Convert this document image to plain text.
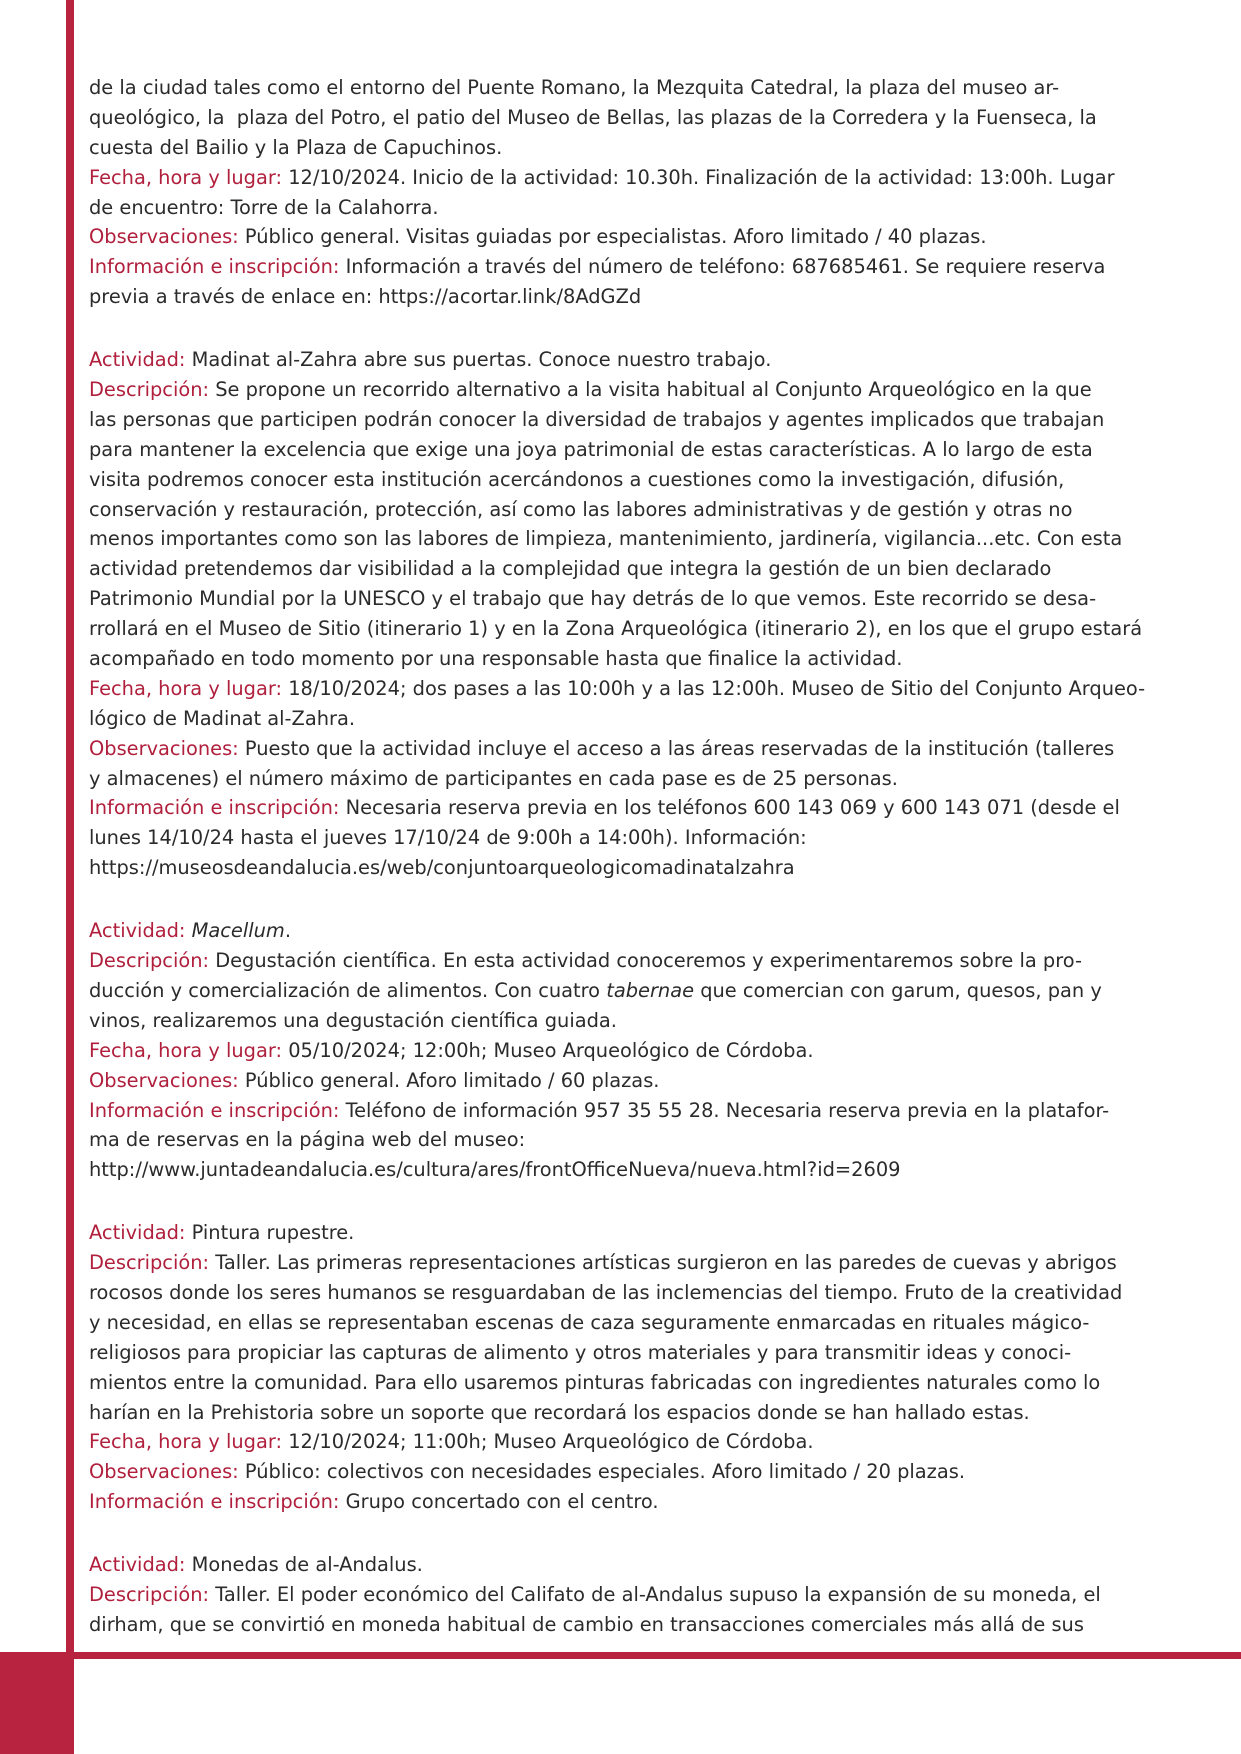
de la ciudad tales como el entorno del Puente Romano, la Mezquita Catedral, la plaza del museo ar-
queológico, la  plaza del Potro, el patio del Museo de Bellas, las plazas de la Corredera y la Fuenseca, la
cuesta del Bailio y la Plaza de Capuchinos.
Fecha, hora y lugar: 12/10/2024. Inicio de la actividad: 10.30h. Finalización de la actividad: 13:00h. Lugar
de encuentro: Torre de la Calahorra.
Observaciones: Público general. Visitas guiadas por especialistas. Aforo limitado / 40 plazas.
Información e inscripción: Información a través del número de teléfono: 687685461. Se requiere reserva
previa a través de enlace en: https://acortar.link/8AdGZd
Actividad: Madinat al-Zahra abre sus puertas. Conoce nuestro trabajo.
Descripción: Se propone un recorrido alternativo a la visita habitual al Conjunto Arqueológico en la que
las personas que participen podrán conocer la diversidad de trabajos y agentes implicados que trabajan
para mantener la excelencia que exige una joya patrimonial de estas características. A lo largo de esta
visita podremos conocer esta institución acercándonos a cuestiones como la investigación, difusión,
conservación y restauración, protección, así como las labores administrativas y de gestión y otras no
menos importantes como son las labores de limpieza, mantenimiento, jardinería, vigilancia...etc. Con esta
actividad pretendemos dar visibilidad a la complejidad que integra la gestión de un bien declarado
Patrimonio Mundial por la UNESCO y el trabajo que hay detrás de lo que vemos. Este recorrido se desa-
rrollará en el Museo de Sitio (itinerario 1) y en la Zona Arqueológica (itinerario 2), en los que el grupo estará
acompañado en todo momento por una responsable hasta que finalice la actividad.
Fecha, hora y lugar: 18/10/2024; dos pases a las 10:00h y a las 12:00h. Museo de Sitio del Conjunto Arqueo-
lógico de Madinat al-Zahra.
Observaciones: Puesto que la actividad incluye el acceso a las áreas reservadas de la institución (talleres
y almacenes) el número máximo de participantes en cada pase es de 25 personas.
Información e inscripción: Necesaria reserva previa en los teléfonos 600 143 069 y 600 143 071 (desde el
lunes 14/10/24 hasta el jueves 17/10/24 de 9:00h a 14:00h). Información:
https://museosdeandalucia.es/web/conjuntoarqueologicomadinatalzahra
Actividad: Macellum.
Descripción: Degustación científica. En esta actividad conoceremos y experimentaremos sobre la pro-
ducción y comercialización de alimentos. Con cuatro tabernae que comercian con garum, quesos, pan y
vinos, realizaremos una degustación científica guiada.
Fecha, hora y lugar: 05/10/2024; 12:00h; Museo Arqueológico de Córdoba.
Observaciones: Público general. Aforo limitado / 60 plazas.
Información e inscripción: Teléfono de información 957 35 55 28. Necesaria reserva previa en la platafor-
ma de reservas en la página web del museo:
http://www.juntadeandalucia.es/cultura/ares/frontOfficeNueva/nueva.html?id=2609
Actividad: Pintura rupestre.
Descripción: Taller. Las primeras representaciones artísticas surgieron en las paredes de cuevas y abrigos
rocosos donde los seres humanos se resguardaban de las inclemencias del tiempo. Fruto de la creatividad
y necesidad, en ellas se representaban escenas de caza seguramente enmarcadas en rituales mágico-
religiosos para propiciar las capturas de alimento y otros materiales y para transmitir ideas y conoci-
mientos entre la comunidad. Para ello usaremos pinturas fabricadas con ingredientes naturales como lo
harían en la Prehistoria sobre un soporte que recordará los espacios donde se han hallado estas.
Fecha, hora y lugar: 12/10/2024; 11:00h; Museo Arqueológico de Córdoba.
Observaciones: Público: colectivos con necesidades especiales. Aforo limitado / 20 plazas.
Información e inscripción: Grupo concertado con el centro.
Actividad: Monedas de al-Andalus.
Descripción: Taller. El poder económico del Califato de al-Andalus supuso la expansión de su moneda, el
dirham, que se convirtió en moneda habitual de cambio en transacciones comerciales más allá de sus
